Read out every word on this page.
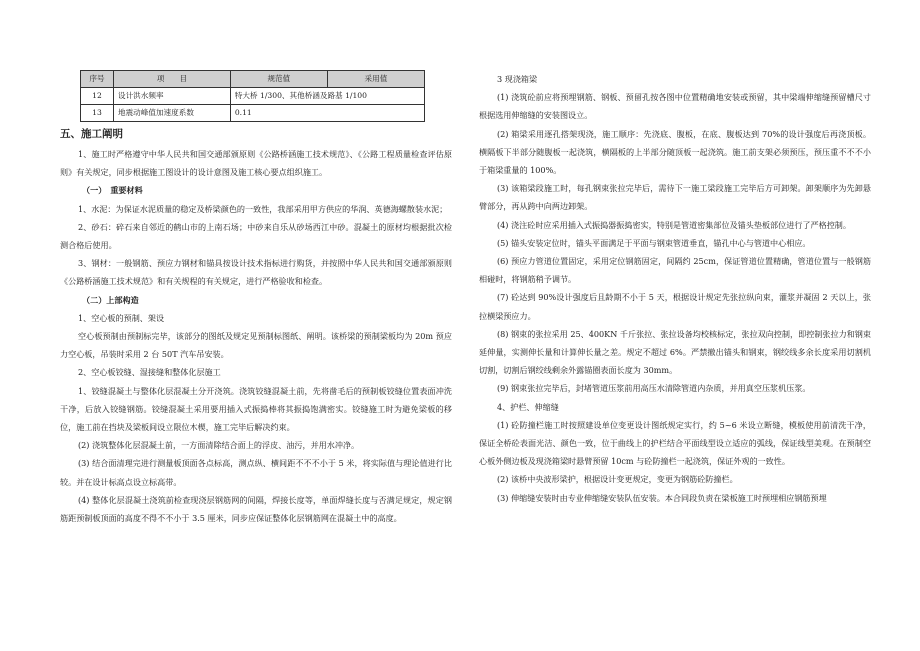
序号	项　　目	规范值	采用值
12	设计洪水频率	特大桥 1/300、其他桥涵及路基 1/100	
13	地震动峰值加速度系数	0.11	
五、施工阐明

1、施工时严格遵守中华人民共和国交通部颁原则《公路桥涵施工技术规范》、《公路工程质量检查评估原则》有关规定，同步根据施工图设计的设计意图及施工核心要点组织施工。

（一）　重要材料

1、水泥：为保证水泥质量的稳定及桥梁颜色的一致性，我部采用甲方供应的华润、英德海螺散装水泥；

2、砂石：碎石来自邻近的鹤山市的上南石场；中砂来自乐从砂场西江中砂。混凝土的原材均根据批次检测合格后使用。

3、钢材：一般钢筋、预应力钢材和锚具按设计技术指标进行购货，并按照中华人民共和国交通部颁原则《公路桥涵施工技术规范》和有关规程的有关规定，进行严格验收和检查。

（二）上部构造

1、空心板的预制、架设

空心板预制由预制标完毕，该部分的图纸及规定见预制标图纸、阐明。该桥梁的预制梁板均为 20m 预应力空心板，吊装时采用 2 台 50T 汽车吊安装。

2、空心板铰缝、湿接缝和整体化层施工

1、铰缝混凝土与整体化层混凝土分开浇筑。浇筑铰缝混凝土前，先将凿毛后的预制板铰缝位置表面冲洗干净，后放入铰缝钢筋。铰缝混凝土采用要用插入式振捣棒将其振捣饱满密实。铰缝施工时为避免梁板的移位，施工前在挡块及梁板间设立限位木楔，施工完毕后解决约束。

(2) 浇筑整体化层混凝土前，一方面清除结合面上的浮皮、油污，并用水冲净。

(3) 结合面清理完进行测量板顶面各点标高，测点纵、横间距不不不小于 5 米，将实际值与理论值进行比较。并在设计标高点设立标高带。

(4) 整体化层混凝土浇筑前检查现浇层钢筋网的间隔，焊接长度等，单面焊缝长度与否满足规定，规定钢筋距预制板顶面的高度不得不不小于 3.5 厘米，同步应保证整体化层钢筋网在混凝土中的高度。

3 现浇箱梁

(1) 浇筑砼前应将预埋钢筋、钢板、预留孔按各图中位置精确地安装或预留，其中梁端伸缩缝预留槽尺寸根据选用伸缩缝的安装图设立。

(2) 箱梁采用逐孔搭架现浇，施工顺序：先浇底、腹板，在底、腹板达到 70%的设计强度后再浇顶板。横隔板下半部分随腹板一起浇筑，横隔板的上半部分随顶板一起浇筑。施工前支架必须预压，预压重不不不小于箱梁重量的 100%。

(3) 该箱梁段施工时，每孔钢束张拉完毕后，需待下一施工梁段施工完毕后方可卸架。卸架顺序为先卸悬臂部分，再从跨中向两边卸架。

(4) 浇注砼时应采用插入式振捣器振捣密实，特别是管道密集部位及锚头垫板部位进行了严格控制。

(5) 锚头安装定位时，锚头平面满足于平面与钢束管道垂直，锚孔中心与管道中心相应。

(6) 预应力管道位置固定，采用定位钢筋固定，间隔约 25cm，保证管道位置精确，管道位置与一般钢筋相碰时，将钢筋稍予调节。

(7) 砼达到 90%设计强度后且龄期不小于 5 天，根据设计规定先张拉纵向束，灌浆并凝固 2 天以上，张拉横梁预应力。

(8) 钢束的张拉采用 25、400KN 千斤张拉、张拉设备均校核标定，张拉双向控制，即控制张拉力和钢束延伸量，实测伸长量和计算伸长量之差。规定不超过 6%。严禁撤出锚头和钢束，钢绞线多余长度采用切割机切割，切割后钢绞线剩余外露锚圈表面长度为 30mm。

(9) 钢束张拉完毕后，封堵管道压浆前用高压水清除管道内杂质，并用真空压浆机压浆。

4、护栏、伸缩缝

(1) 砼防撞栏施工时按照建设单位变更设计图纸规定实行，约 5~6 米设立断缝，模板使用前清洗干净，保证全桥砼表面光洁、颜色一致，位于曲线上的护栏结合平面线型设立适应的弧线，保证线型美观。在预制空心板外侧边板及现浇箱梁时悬臂预留 10cm 与砼防撞栏一起浇筑，保证外观的一致性。

(2) 该桥中央波形梁护，根据设计变更规定，变更为钢筋砼防撞栏。

(3) 伸缩缝安装时由专业伸缩缝安装队伍安装。本合同段负责在梁板施工时预埋相应钢筋预埋
